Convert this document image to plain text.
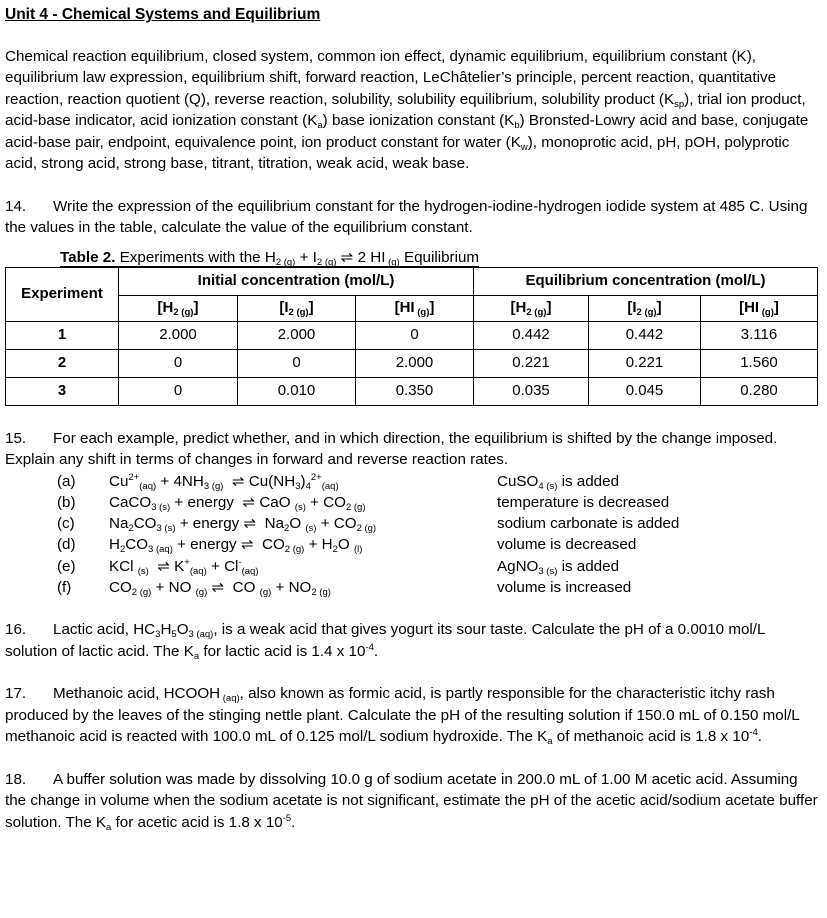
Unit 4 - Chemical Systems and Equilibrium

Chemical reaction equilibrium, closed system, common ion effect, dynamic equilibrium, equilibrium constant (K), equilibrium law expression, equilibrium shift, forward reaction, LeChâtelier’s principle, percent reaction, quantitative reaction, reaction quotient (Q), reverse reaction, solubility, solubility equilibrium, solubility product $(K_{sp})$, trial ion product, acid-base indicator, acid ionization constant $(K_a)$ base ionization constant $(K_b)$ Bronsted-Lowry acid and base, conjugate acid-base pair, endpoint, equivalence point, ion product constant for water $(K_w)$, monoprotic acid, pH, pOH, polyprotic acid, strong acid, strong base, titrant, titration, weak acid, weak base.

14. Write the expression of the equilibrium constant for the hydrogen-iodine-hydrogen iodide system at 485 C. Using the values in the table, calculate the value of the equilibrium constant.

Table 2. Experiments with the $H_{2 (g)} + I_{2 (g)}$ ⇌ 2 HI $_{(g)}$ Equilibrium
Experiment	Initial concentration (mol/L)			Equilibrium concentration (mol/L)		
	$[H_{2 (g)}]$	$[I_{2 (g)}]$	[HI $_{(g)}$]	$[H_{2 (g)}]$	$[I_{2 (g)}]$	[HI $_{(g)}$]
1	2.000	2.000	0	0.442	0.442	3.116
2	0	0	2.000	0.221	0.221	1.560
3	0	0.010	0.350	0.035	0.045	0.280

15. For each example, predict whether, and in which direction, the equilibrium is shifted by the change imposed. Explain any shift in terms of changes in forward and reverse reaction rates.

(a)	$Cu^{2+}_{(aq)} + 4NH_{3 (g)}$  ⇌ $Cu(NH_3)_4^{2+}_{(aq)}$	CuSO$_{4 (s)}$ is added
(b)	CaCO$_{3 (s)}$ + energy  ⇌ CaO $_{(s)} + CO_{2 (g)}$	temperature is decreased
(c)	$Na_2CO_{3 (s)}$ + energy ⇌  $Na_2O$ $_{(s)} + CO_{2 (g)}$	sodium carbonate is added
(d)	$H_2CO_{3 (aq)}$ + energy ⇌  $CO_{2 (g)} + H_2O$ $_{(l)}$	volume is decreased
(e)	KCl $_{(s)}$  ⇌ $K^+_{(aq)} + Cl^-_{(aq)}$	AgNO$_{3 (s)}$ is added
(f)	$CO_{2 (g)}$ + NO $_{(g)}$ ⇌  CO $_{(g)} + NO_{2 (g)}$	volume is increased

16. Lactic acid, $HC_3H_5O_{3 (aq)}$, is a weak acid that gives yogurt its sour taste. Calculate the pH of a 0.0010 mol/L solution of lactic acid. The $K_a$ for lactic acid is 1.4 x $10^{-4}$.

17. Methanoic acid, HCOOH $_{(aq)}$, also known as formic acid, is partly responsible for the characteristic itchy rash produced by the leaves of the stinging nettle plant. Calculate the pH of the resulting solution if 150.0 mL of 0.150 mol/L methanoic acid is reacted with 100.0 mL of 0.125 mol/L sodium hydroxide. The $K_a$ of methanoic acid is 1.8 x $10^{-4}$.

18. A buffer solution was made by dissolving 10.0 g of sodium acetate in 200.0 mL of 1.00 M acetic acid. Assuming the change in volume when the sodium acetate is not significant, estimate the pH of the acetic acid/sodium acetate buffer solution. The $K_a$ for acetic acid is 1.8 x $10^{-5}$.
